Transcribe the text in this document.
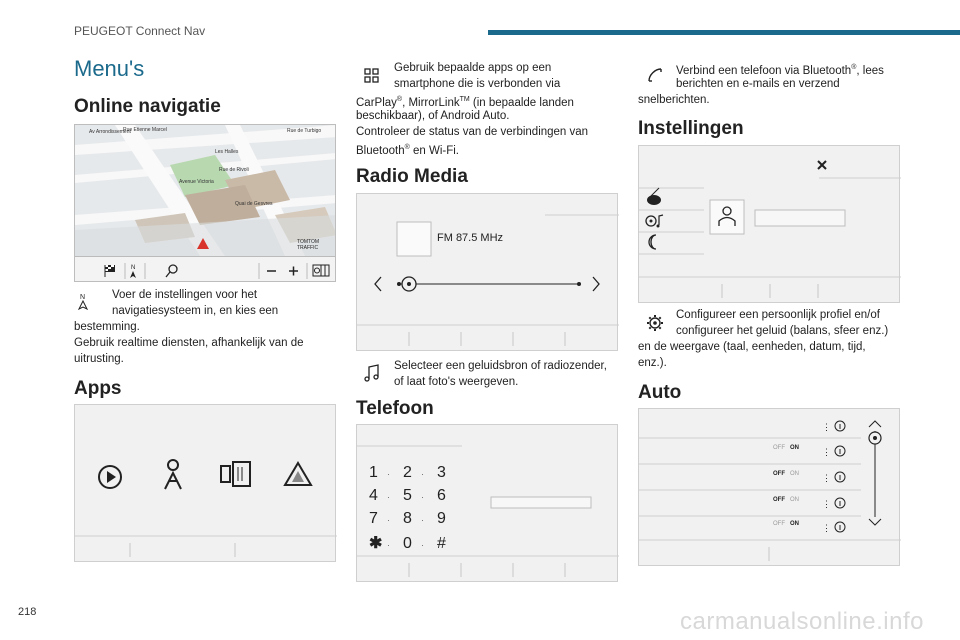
PEUGEOT Connect Nav
Menu's
Online navigatie
Av Arrondissement
Rue Etienne Marcel	Rue de Turbigo
Les Halles
Rue de Rivoli
Avenue Victoria
Quai de Gesvres
TOMTOM
TRAFFIC
N
N Voer de instellingen voor het navigatiesysteem in, en kies een
bestemming.
Gebruik realtime diensten, afhankelijk van de
uitrusting.
Apps
Gebruik bepaalde apps op een
smartphone die is verbonden via
CarPlay®, MirrorLink™ (in bepaalde landen
beschikbaar), of Android Auto.
Controleer de status van de verbindingen van
Bluetooth® en Wi-Fi.
Radio Media
FM 87.5 MHz
Selecteer een geluidsbron of radiozender,
of laat foto's weergeven.
Telefoon
1 · 2 · 3
4 · 5 · 6
7 · 8 · 9
✱ · 0 · #
Verbind een telefoon via Bluetooth®, lees
berichten en e-mails en verzend
snelberichten.
Instellingen
Configureer een persoonlijk profiel en/of
configureer het geluid (balans, sfeer enz.)
en de weergave (taal, eenheden, datum, tijd,
enz.).
Auto
⋮
⋮
⋮
⋮
⋮
OFF ON
OFF ON
OFF ON
OFF ON
218	carmanualsonline.info
